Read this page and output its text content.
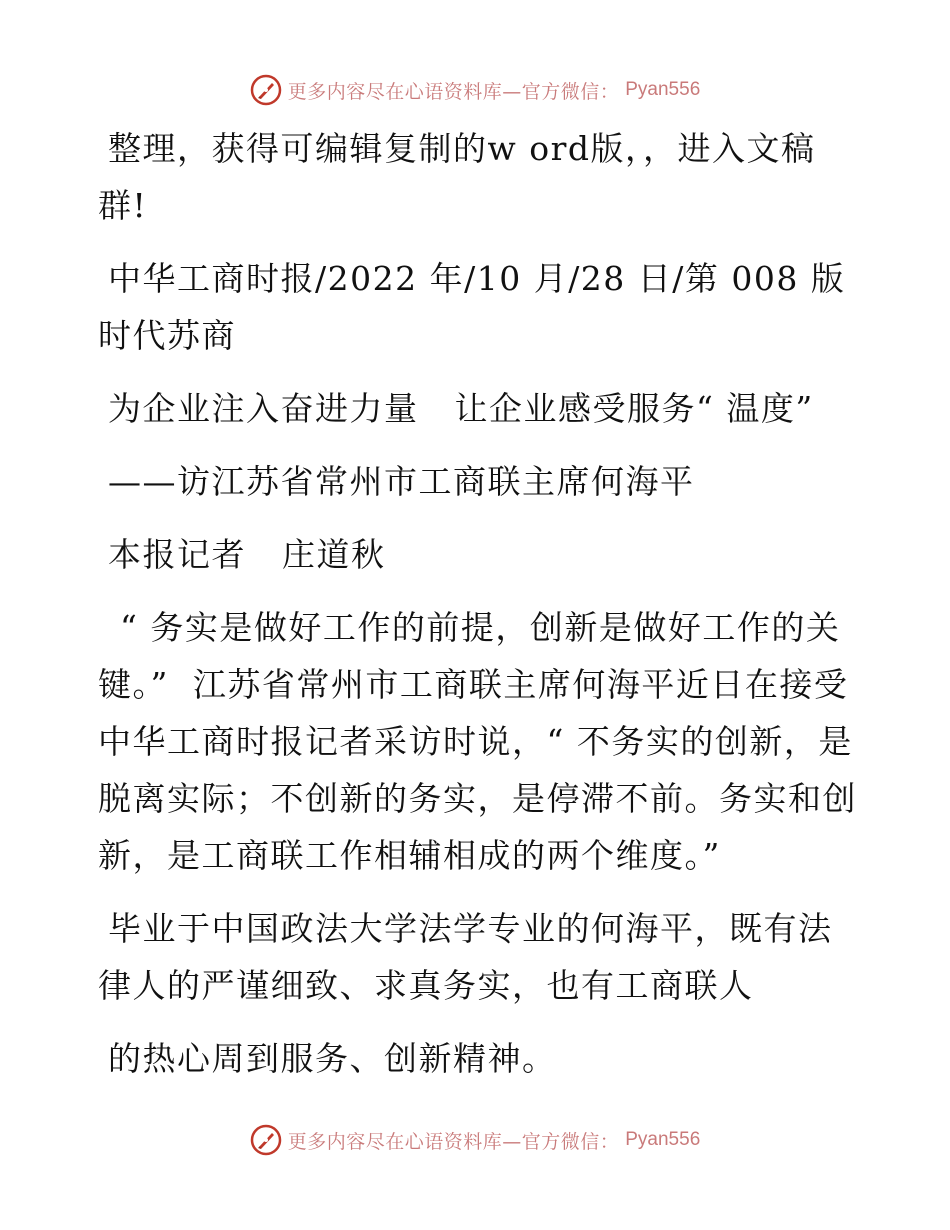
更多内容尽在心语资料库—官方微信： Pyan556

整理，获得可编辑复制的w ord版，，进入文稿群!

中华工商时报/2022 年/10 月/28 日/第 008 版时代苏商

为企业注入奋进力量   让企业感受服务“ 温度”

——访江苏省常州市工商联主席何海平

本报记者   庄道秋

“ 务实是做好工作的前提，创新是做好工作的关键。”  江苏省常州市工商联主席何海平近日在接受中华工商时报记者采访时说，“ 不务实的创新，是脱离实际；不创新的务实，是停滞不前。务实和创新，是工商联工作相辅相成的两个维度。”

毕业于中国政法大学法学专业的何海平，既有法律人的严谨细致、求真务实，也有工商联人

的热心周到服务、创新精神。

更多内容尽在心语资料库—官方微信： Pyan556
